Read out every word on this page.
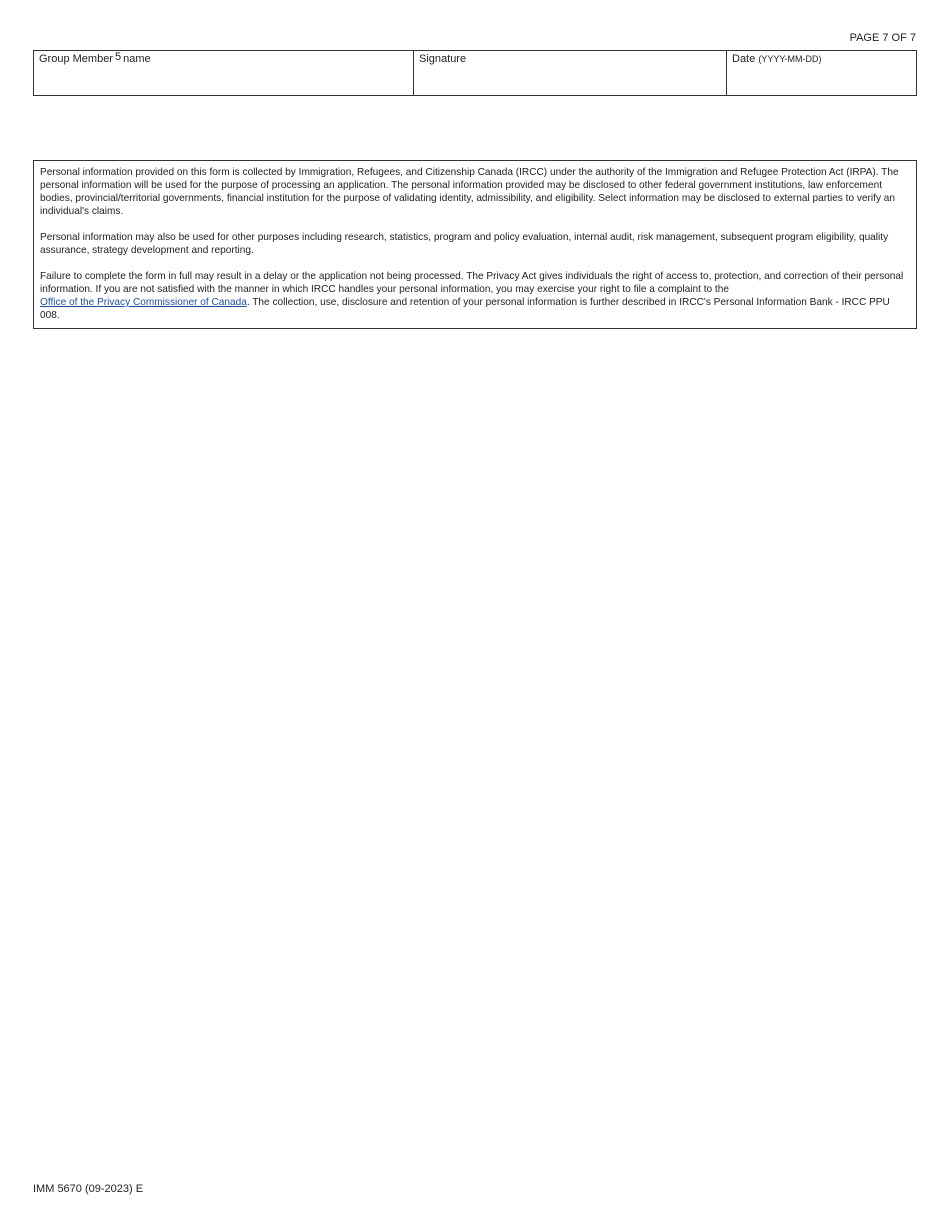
PAGE 7 OF 7
Group Member 5 name	Signature	Date (YYYY-MM-DD)

Personal information provided on this form is collected by Immigration, Refugees, and Citizenship Canada (IRCC) under the authority of the Immigration and Refugee Protection Act (IRPA). The personal information will be used for the purpose of processing an application. The personal information provided may be disclosed to other federal government institutions, law enforcement bodies, provincial/territorial governments, financial institution for the purpose of validating identity, admissibility, and eligibility. Select information may be disclosed to external parties to verify an individual's claims.

Personal information may also be used for other purposes including research, statistics, program and policy evaluation, internal audit, risk management, subsequent program eligibility, quality assurance, strategy development and reporting.

Failure to complete the form in full may result in a delay or the application not being processed. The Privacy Act gives individuals the right of access to, protection, and correction of their personal information. If you are not satisfied with the manner in which IRCC handles your personal information, you may exercise your right to file a complaint to the
Office of the Privacy Commissioner of Canada. The collection, use, disclosure and retention of your personal information is further described in IRCC's Personal Information Bank - IRCC PPU 008.

IMM 5670 (09-2023) E
